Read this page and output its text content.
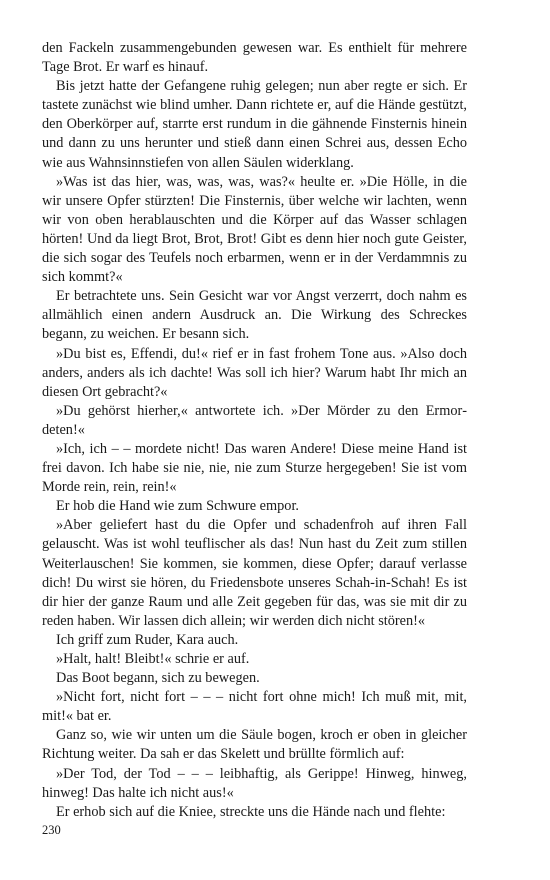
den Fackeln zusammengebunden gewesen war. Es enthielt für mehrere Tage Brot. Er warf es hinauf.

Bis jetzt hatte der Gefangene ruhig gelegen; nun aber regte er sich. Er tastete zunächst wie blind umher. Dann richtete er, auf die Hände gestützt, den Oberkörper auf, starrte erst rundum in die gähnende Finsternis hinein und dann zu uns herunter und stieß dann einen Schrei aus, dessen Echo wie aus Wahnsinnstiefen von allen Säulen widerklang.

»Was ist das hier, was, was, was, was?« heulte er. »Die Hölle, in die wir unsere Opfer stürzten! Die Finsternis, über welche wir lachten, wenn wir von oben herablauschten und die Körper auf das Wasser schlagen hörten! Und da liegt Brot, Brot, Brot! Gibt es denn hier noch gute Geister, die sich sogar des Teufels noch erbarmen, wenn er in der Verdammnis zu sich kommt?«

Er betrachtete uns. Sein Gesicht war vor Angst verzerrt, doch nahm es allmählich einen andern Ausdruck an. Die Wirkung des Schreckes begann, zu weichen. Er besann sich.

»Du bist es, Effendi, du!« rief er in fast frohem Tone aus. »Also doch anders, anders als ich dachte! Was soll ich hier? Warum habt Ihr mich an diesen Ort gebracht?«

»Du gehörst hierher,« antwortete ich. »Der Mörder zu den Ermordeten!«

»Ich, ich – – mordete nicht! Das waren Andere! Diese meine Hand ist frei davon. Ich habe sie nie, nie, nie zum Sturze hergegeben! Sie ist vom Morde rein, rein, rein!«

Er hob die Hand wie zum Schwure empor.

»Aber geliefert hast du die Opfer und schadenfroh auf ihren Fall gelauscht. Was ist wohl teuflischer als das! Nun hast du Zeit zum stillen Weiterlauschen! Sie kommen, sie kommen, diese Opfer; darauf verlasse dich! Du wirst sie hören, du Friedensbote unseres Schah-in-Schah! Es ist dir hier der ganze Raum und alle Zeit gegeben für das, was sie mit dir zu reden haben. Wir lassen dich allein; wir werden dich nicht stören!«

Ich griff zum Ruder, Kara auch.

»Halt, halt! Bleibt!« schrie er auf.

Das Boot begann, sich zu bewegen.

»Nicht fort, nicht fort – – – nicht fort ohne mich! Ich muß mit, mit, mit!« bat er.

Ganz so, wie wir unten um die Säule bogen, kroch er oben in gleicher Richtung weiter. Da sah er das Skelett und brüllte förmlich auf:

»Der Tod, der Tod – – – leibhaftig, als Gerippe! Hinweg, hinweg, hinweg! Das halte ich nicht aus!«

Er erhob sich auf die Kniee, streckte uns die Hände nach und flehte:

230
